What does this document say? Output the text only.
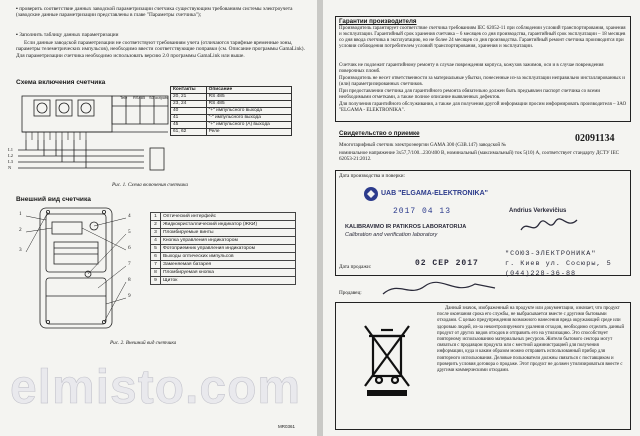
▪ проверить соответствие данных заводской параметризации счетчика существующим требованиям системы электроучета (заводские данные параметризации представлены в главе "Параметры счетчика");
▪ Заполнить таблицу данных параметризации
Если данные заводской параметризации не соответствуют требованиям учета (отличаются тарифные временные зоны, параметры телеметрических импульсов), необходимо ввести соответствующие поправки (см. Описание программы GamaLink). Для параметризации счетчика необходимо использовать версию 2.0 программы GamaLink или выше.
Схема включения счетчика
Tele RS485 S0 outputs
L1
L2
L3
N
Контакты	Описание
20, 21	RS 485
23, 24	RS 485
40	"+" импульсного выхода
41	"-" импульсного выхода
45	"+" импульсного (А) выхода
61, 62	Реле
Рис. 1. Схема включения счетчика
Внешний вид счетчика
1
2
3
4
5
6
7
8
9
1	Оптический интерфейс
2	Жидкокристаллический индикатор (ЖКИ)
3	Пломбируемые винты
4	Кнопка управления индикатором
5	Фотоприемник управления индикатором
6	Выходы оптических импульсов
7	Заменяемая батарея
8	Пломбируемая кнопка
9	Щиток
Рис. 2. Внешний вид счетчика
MR0361
Гарантии производителя
Производитель гарантирует соответствие счетчика требованиям IEC 62052-11 при соблюдении условий транспортирования, хранения и эксплуатации. Гарантийный срок хранения счетчика – 6 месяцев со дня производства, гарантийный срок эксплуатации – 18 месяцев со дня ввода счетчика в эксплуатацию, но не более 24 месяцев со дня производства. Гарантийный ремонт счетчика производится при условии соблюдения потребителем условий транспортирования, хранения и эксплуатации.
Счетчик не подлежит гарантийному ремонту в случае повреждения корпуса, кожухов зажимов, оси и в случае повреждения поверочных пломб.
Производитель не несет ответственности за материальные убытки, понесенные из-за эксплуатации неправильно инсталлированных и (или) параметризированных счетчиков.
При предоставлении счетчика для гарантийного ремонта обязательно должен быть предъявлен паспорт счетчика со всеми необходимыми отметками, а также полное описание выявленных дефектов.
Для получения гарантийного обслуживания, а также для получения другой информации просим информировать производителя – ЗАО "ELGAMA - ELEKTRONIKA".
Свидетельство о приемке
Многотарифный счетчик электроэнергии GAMA 300 (G3B.147) заводской №
02091134
номинальное напряжение 3х57,7/100...230/400 В, номинальный (максимальный) ток 5(10) А, соответствует стандарту ДСТУ IEC 62053-21:2012.
Дата производства и поверки:
UAB "ELGAMA-ELEKTRONIKA"
2017 04 13	Andrius Verkevičius
KALIBRAVIMO IR PATIKROS LABORATORIJA
Calibration and verification laboratory
Дата продажи:	02 СЕР 2017
"СОЮЗ-ЭЛЕКТРОНИКА"
г. Киев ул. Сосюры, 5
(044)228-36-88
Продавец:
Данный значок, изображенный на продукте или документации, означает, что продукт после окончания срока его службы, не выбрасывается вместе с другими бытовыми отходами. С целью предупреждения возможного нанесения вреда окружающей среде или здоровью людей, из-за неконтролируемого удаления отходов, необходимо отделить данный продукт от других видов отходов и отправить его на утилизацию. Это способствует повторному использованию материальных ресурсов. Жители бытового сектора могут связаться с продавцом продукта или с местной администрацией для получения информации, куда и каким образом можно отправить использованный прибор для повторного использования. Деловые пользователи должны связаться с поставщиком и проверить условия договора о продаже. Этот продукт не должен утилизироваться вместе с другими коммерческими отходами.
elmisto.com
